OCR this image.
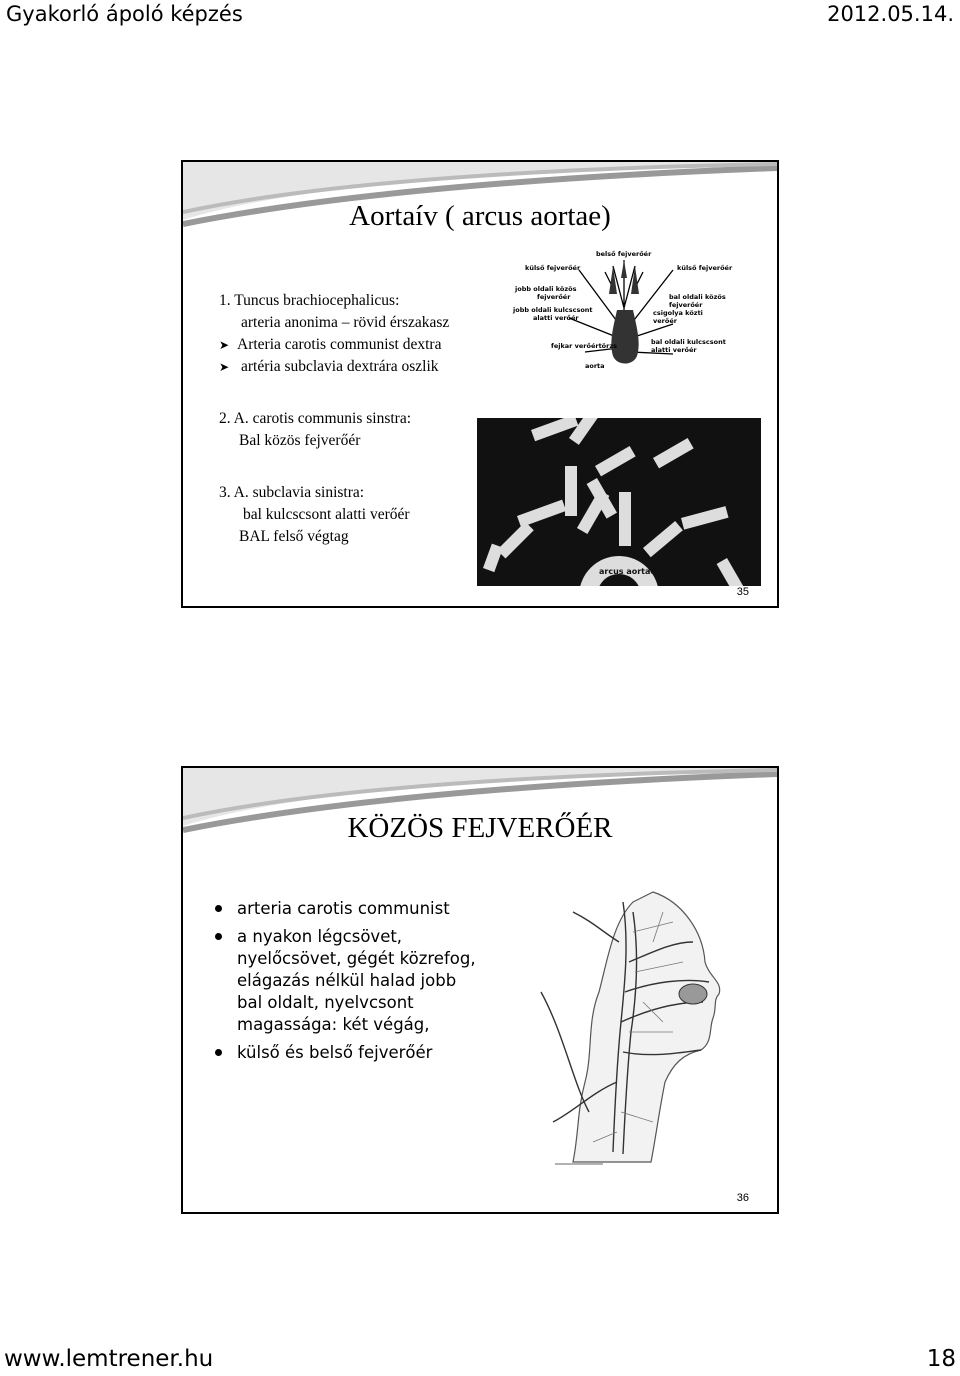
Gyakorló ápoló képzés	2012.05.14.
Aortaív ( arcus aortae)
1. Tuncus brachiocephalicus:
arteria anonima – rövid érszakasz
➤ Arteria carotis communist dextra
➤ artéria subclavia dextrára oszlik
2. A. carotis communis sinstra:
Bal közös fejverőér
3. A. subclavia sinistra:
bal kulcscsont alatti verőér
BAL felső végtag
belső fejverőér
külső fejverőér	külső fejverőér
jobb oldali közös
fejverőér
jobb oldali kulcscsont
alatti verőér
bal oldali közös
fejverőér
csigolya közti
verőér
fejkar verőértörzs	bal oldali kulcscsont
alatti verőér
aorta
arcus aortae
35
KÖZÖS FEJVERŐÉR
arteria carotis communist
a nyakon légcsövet, nyelőcsövet, gégét közrefog, elágazás nélkül halad jobb bal oldalt, nyelvcsont magassága: két végág,
külső és belső fejverőér
36
www.lemtrener.hu	18
